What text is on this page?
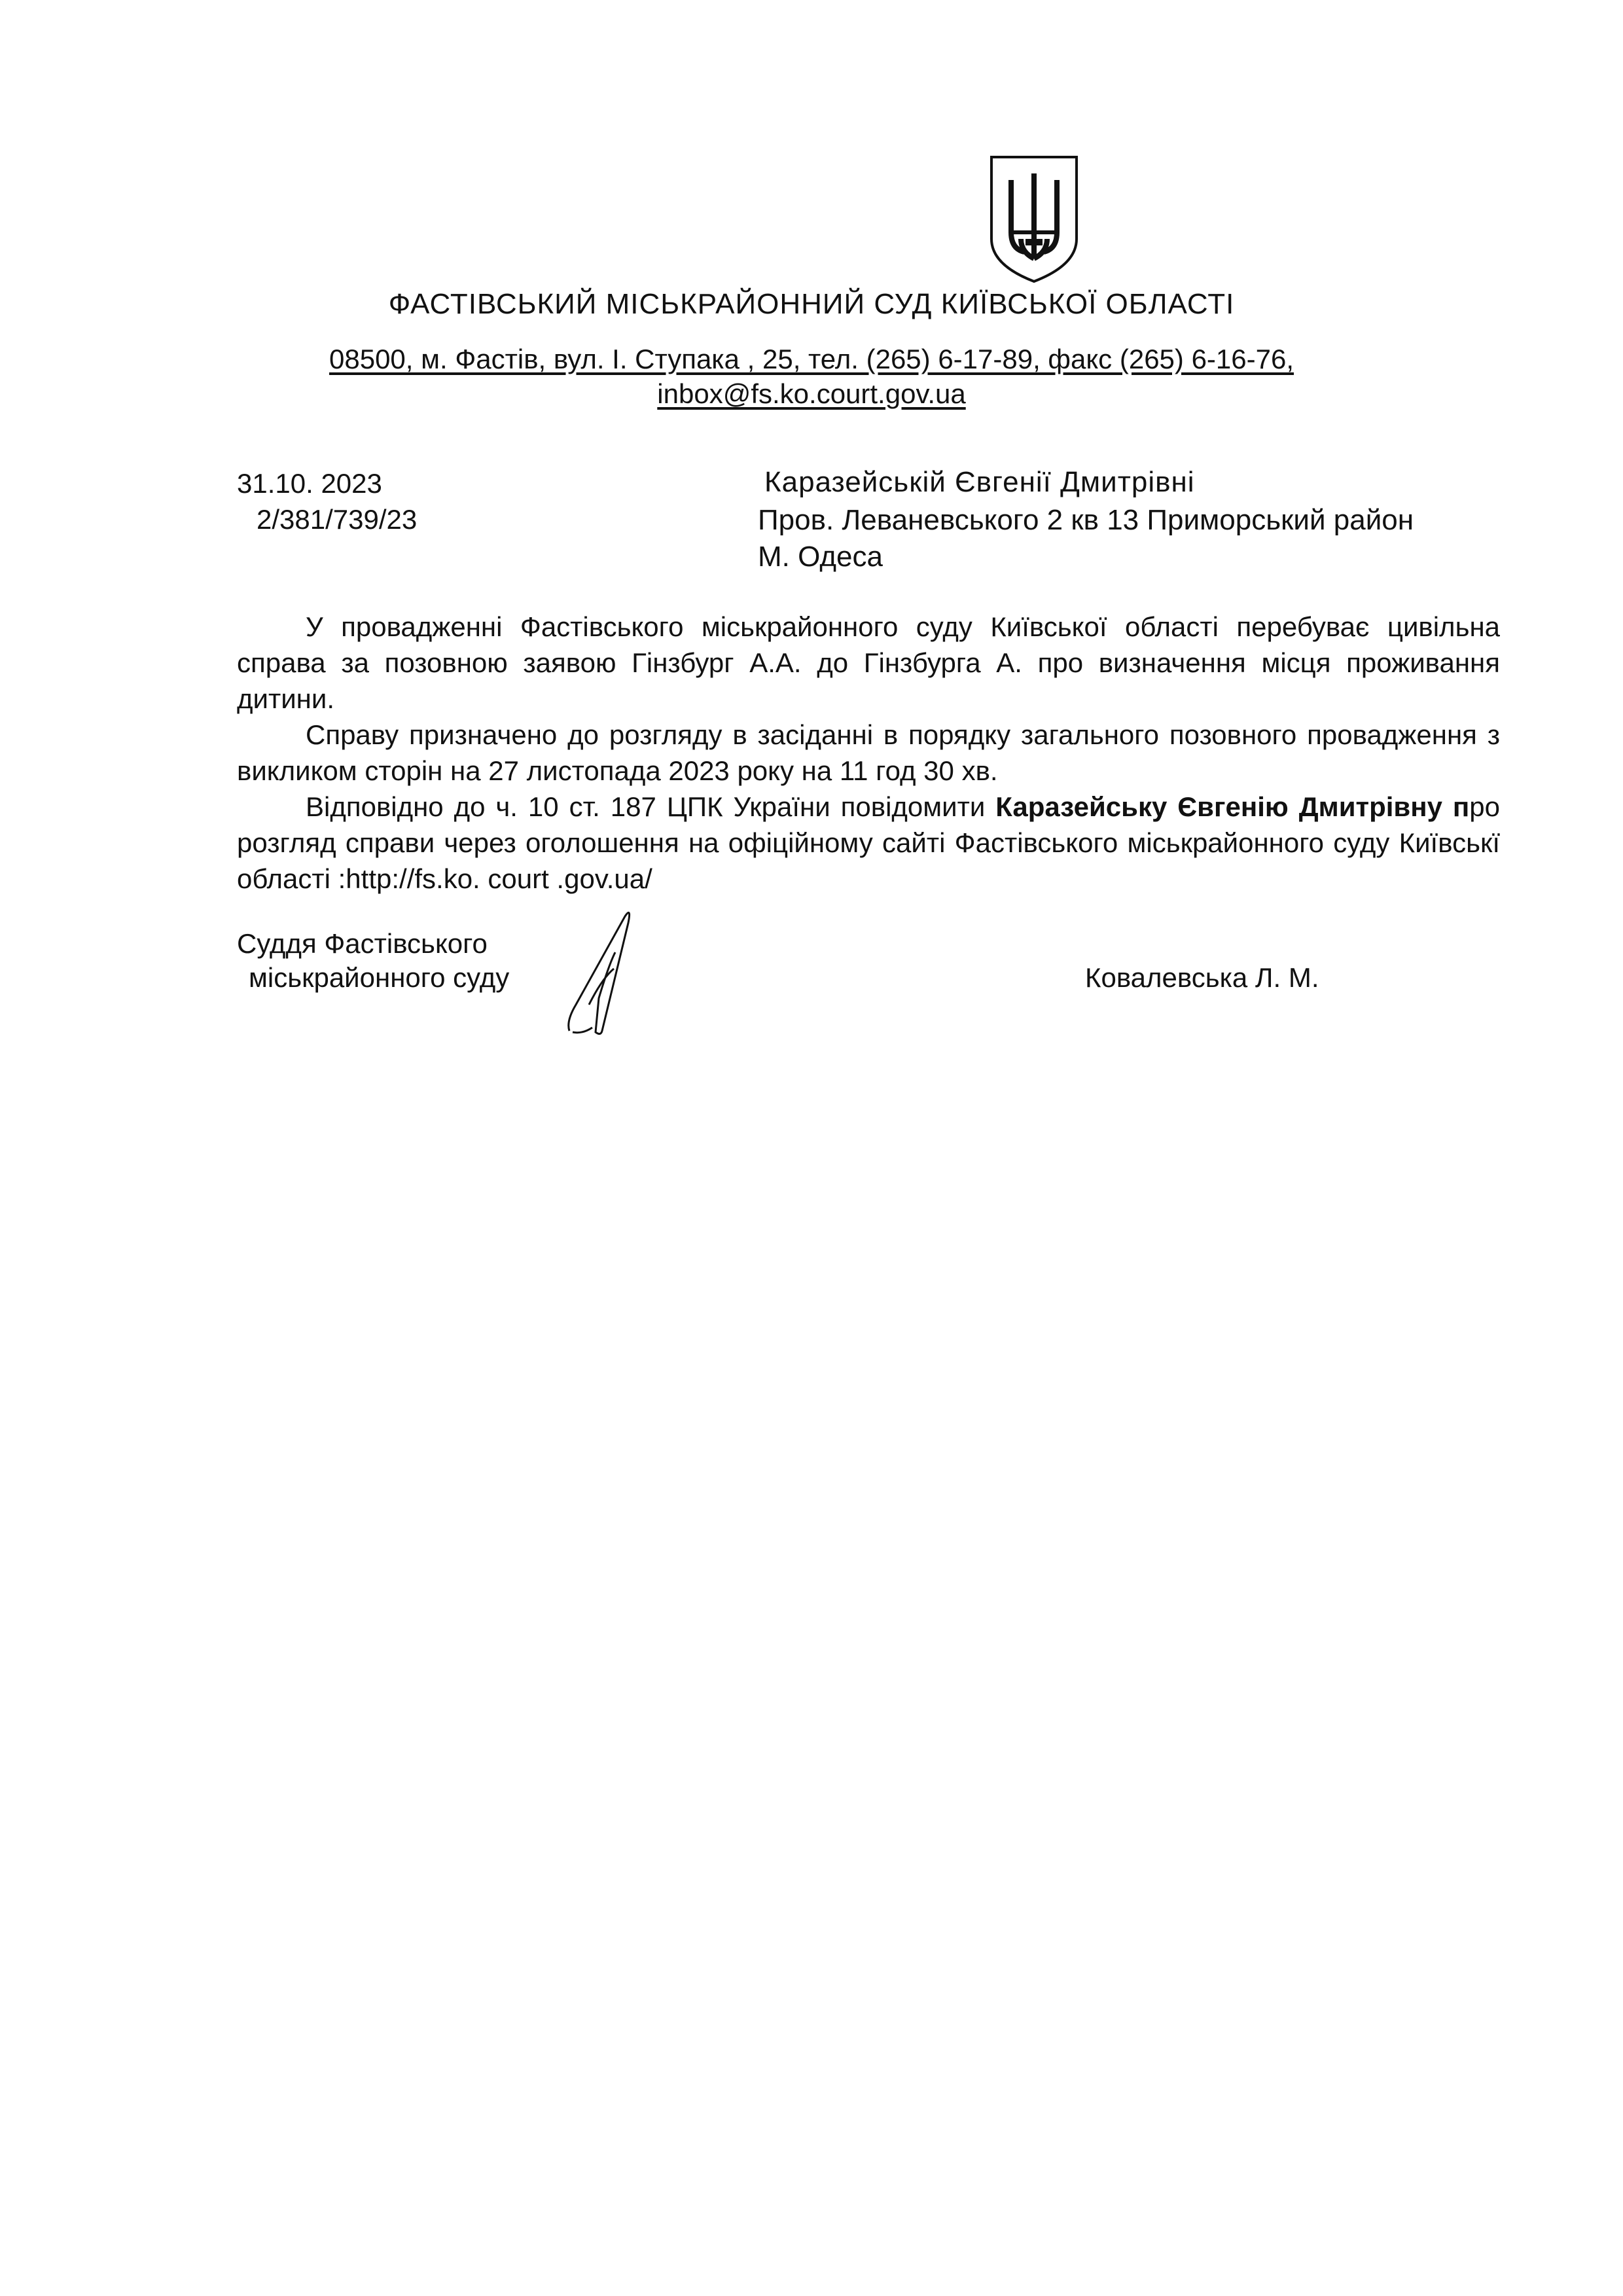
ФАСТІВСЬКИЙ МІСЬКРАЙОННИЙ СУД КИЇВСЬКОЇ ОБЛАСТІ
08500, м. Фастів, вул. І. Ступака , 25, тел. (265) 6-17-89, факс (265) 6-16-76,
inbox@fs.ko.court.gov.ua
31.10. 2023
2/381/739/23
Каразейській Євгенії Дмитрівні
Пров. Леваневського 2 кв 13 Приморський район
М. Одеса

У провадженні Фастівського міськрайонного суду Київської області перебуває цивільна справа за позовною заявою Гінзбург А.А. до Гінзбурга А. про визначення місця проживання дитини.

Справу призначено до розгляду в засіданні в порядку загального позовного провадження з викликом сторін на 27 листопада 2023 року на 11 год 30 хв.

Відповідно до ч. 10 ст. 187 ЦПК України повідомити Каразейську Євгенію Дмитрівну про розгляд справи через оголошення на офіційному сайті Фастівського міськрайонного суду Київськї області :http://fs.ko. court .gov.ua/

Суддя Фастівського
міськрайонного суду	Ковалевська Л. М.
